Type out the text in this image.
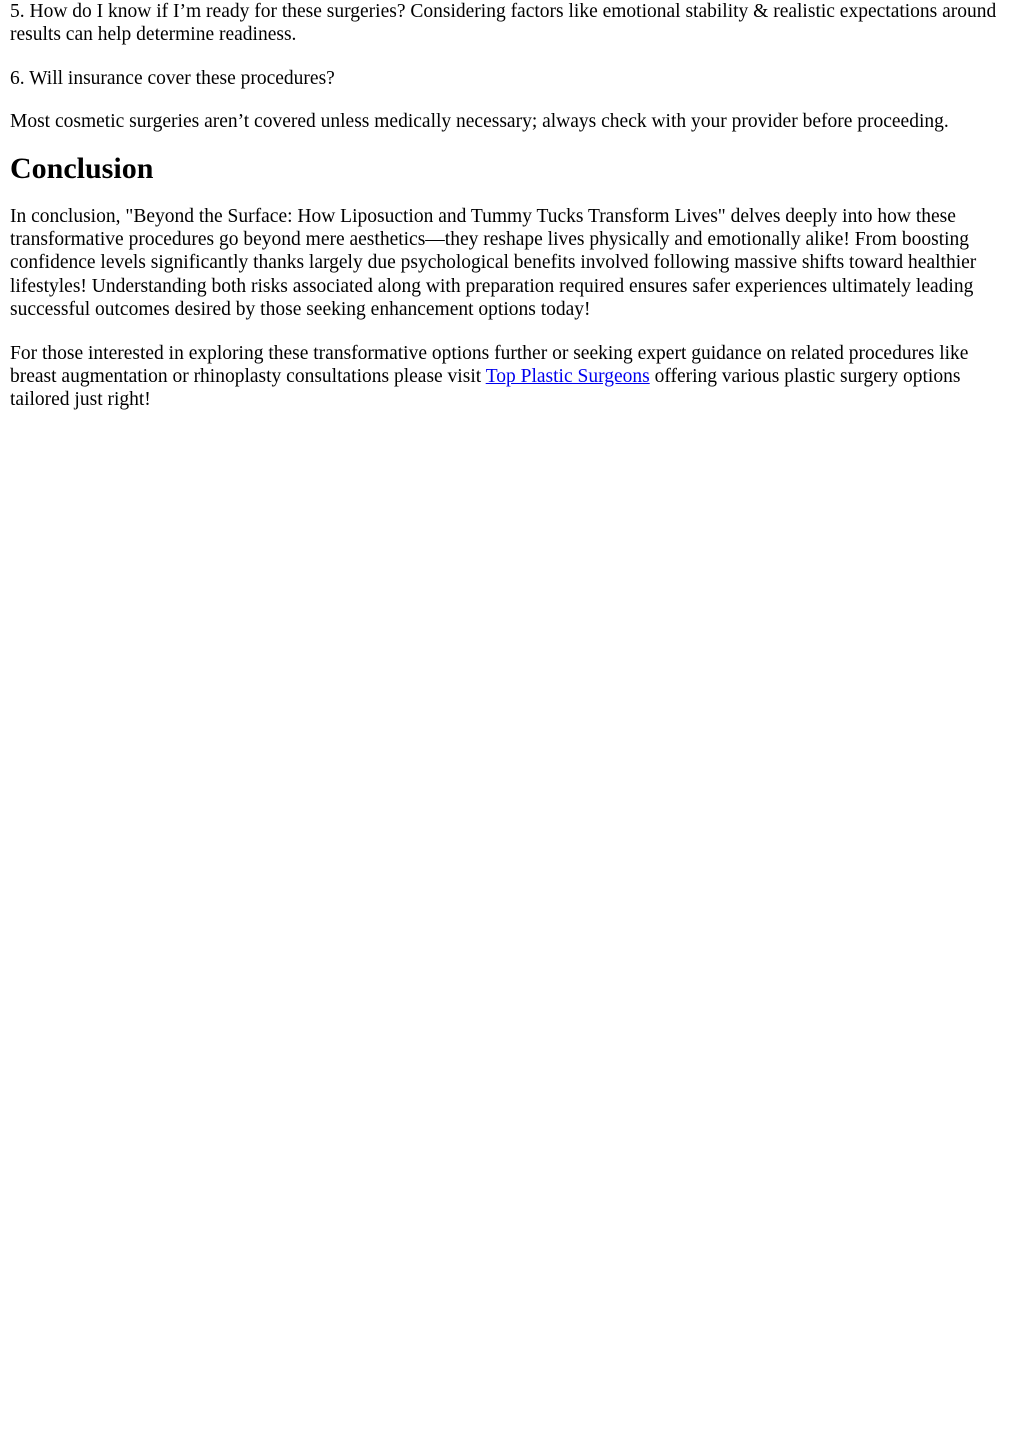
5. How do I know if I’m ready for these surgeries? Considering factors like emotional stability & realistic expectations around results can help determine readiness.

6. Will insurance cover these procedures?

Most cosmetic surgeries aren’t covered unless medically necessary; always check with your provider before proceeding.

Conclusion

In conclusion, "Beyond the Surface: How Liposuction and Tummy Tucks Transform Lives" delves deeply into how these transformative procedures go beyond mere aesthetics—they reshape lives physically and emotionally alike! From boosting confidence levels significantly thanks largely due psychological benefits involved following massive shifts toward healthier lifestyles! Understanding both risks associated along with preparation required ensures safer experiences ultimately leading successful outcomes desired by those seeking enhancement options today!

For those interested in exploring these transformative options further or seeking expert guidance on related procedures like breast augmentation or rhinoplasty consultations please visit Top Plastic Surgeons offering various plastic surgery options tailored just right!
